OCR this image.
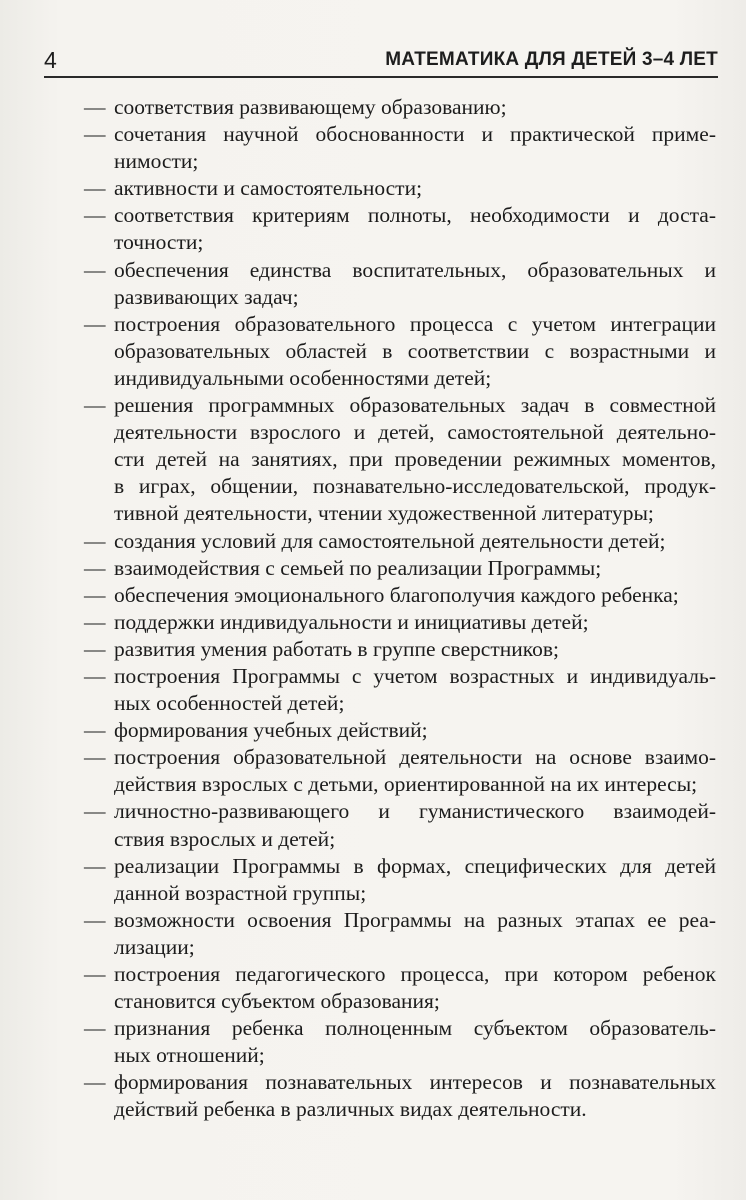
4	МАТЕМАТИКА ДЛЯ ДЕТЕЙ 3–4 ЛЕТ
— соответствия развивающему образованию;
— сочетания научной обоснованности и практической приме-
нимости;
— активности и самостоятельности;
— соответствия критериям полноты, необходимости и доста-
точности;
— обеспечения единства воспитательных, образовательных и
развивающих задач;
— построения образовательного процесса с учетом интеграции
образовательных областей в соответствии с возрастными и
индивидуальными особенностями детей;
— решения программных образовательных задач в совместной
деятельности взрослого и детей, самостоятельной деятельно-
сти детей на занятиях, при проведении режимных моментов,
в играх, общении, познавательно-исследовательской, продук-
тивной деятельности, чтении художественной литературы;
— создания условий для самостоятельной деятельности детей;
— взаимодействия с семьей по реализации Программы;
— обеспечения эмоционального благополучия каждого ребенка;
— поддержки индивидуальности и инициативы детей;
— развития умения работать в группе сверстников;
— построения Программы с учетом возрастных и индивидуаль-
ных особенностей детей;
— формирования учебных действий;
— построения образовательной деятельности на основе взаимо-
действия взрослых с детьми, ориентированной на их интересы;
— личностно-развивающего и гуманистического взаимодей-
ствия взрослых и детей;
— реализации Программы в формах, специфических для детей
данной возрастной группы;
— возможности освоения Программы на разных этапах ее реа-
лизации;
— построения педагогического процесса, при котором ребенок
становится субъектом образования;
— признания ребенка полноценным субъектом образователь-
ных отношений;
— формирования познавательных интересов и познавательных
действий ребенка в различных видах деятельности.
